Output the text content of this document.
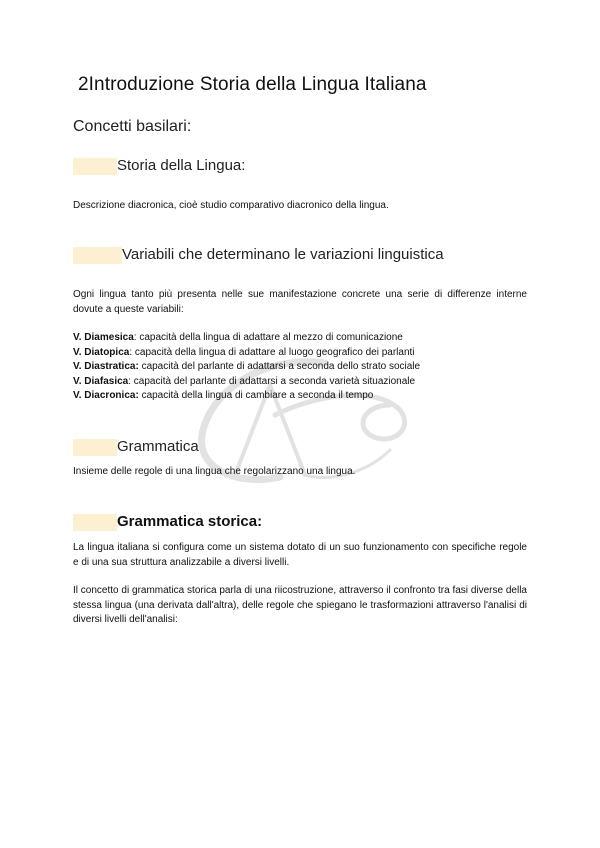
2Introduzione Storia della Lingua Italiana
Concetti basilari:
Storia della Lingua:
Descrizione diacronica, cioè studio comparativo diacronico della lingua.
Variabili che determinano le variazioni linguistica
Ogni lingua tanto più presenta nelle sue manifestazione concrete una serie di differenze interne dovute a queste variabili:
V. Diamesica: capacità della lingua di adattare al mezzo di comunicazione
V. Diatopica: capacità della lingua di adattare al luogo geografico dei parlanti
V. Diastratica: capacità del parlante di adattarsi a seconda dello strato sociale
V. Diafasica: capacità del parlante di adattarsi a seconda varietà situazionale
V. Diacronica: capacità della lingua di cambiare a seconda il tempo
Grammatica
Insieme delle regole di una lingua che regolarizzano una lingua.
Grammatica storica:
La lingua italiana si configura come un sistema dotato di un suo funzionamento con specifiche regole e di una sua struttura analizzabile a diversi livelli.
Il concetto di grammatica storica parla di una riicostruzione, attraverso il confronto tra fasi diverse della stessa lingua (una derivata dall'altra), delle regole che spiegano le trasformazioni attraverso l'analisi di diversi livelli dell'analisi:
